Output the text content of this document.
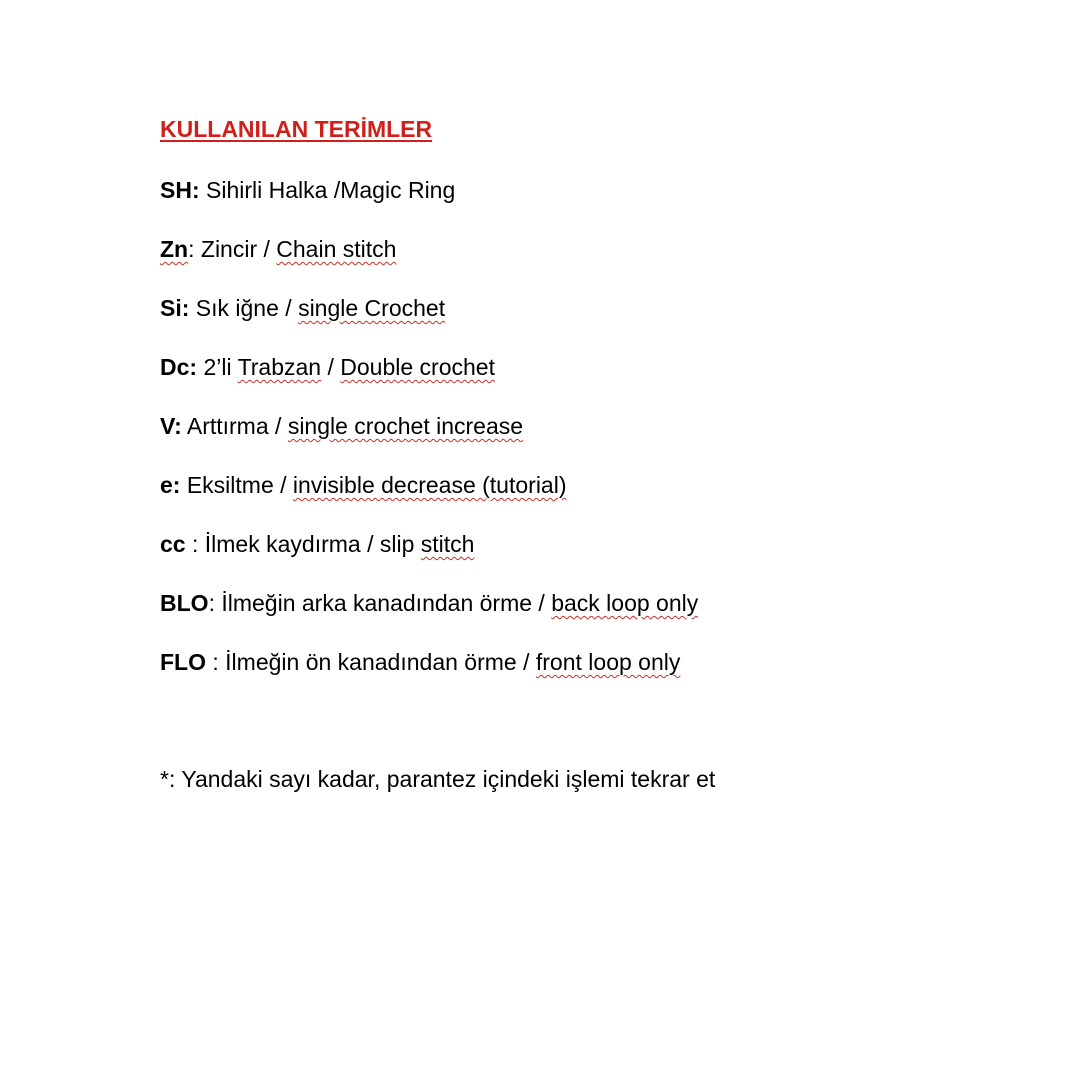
KULLANILAN TERİMLER
SH: Sihirli Halka /Magic Ring
Zn: Zincir / Chain stitch
Si: Sık iğne / single Crochet
Dc: 2’li Trabzan / Double crochet
V: Arttırma / single crochet increase
e: Eksiltme / invisible decrease (tutorial)
cc : İlmek kaydırma / slip stitch
BLO: İlmeğin arka kanadından örme / back loop only
FLO : İlmeğin ön kanadından örme / front loop only
*: Yandaki sayı kadar, parantez içindeki işlemi tekrar et
